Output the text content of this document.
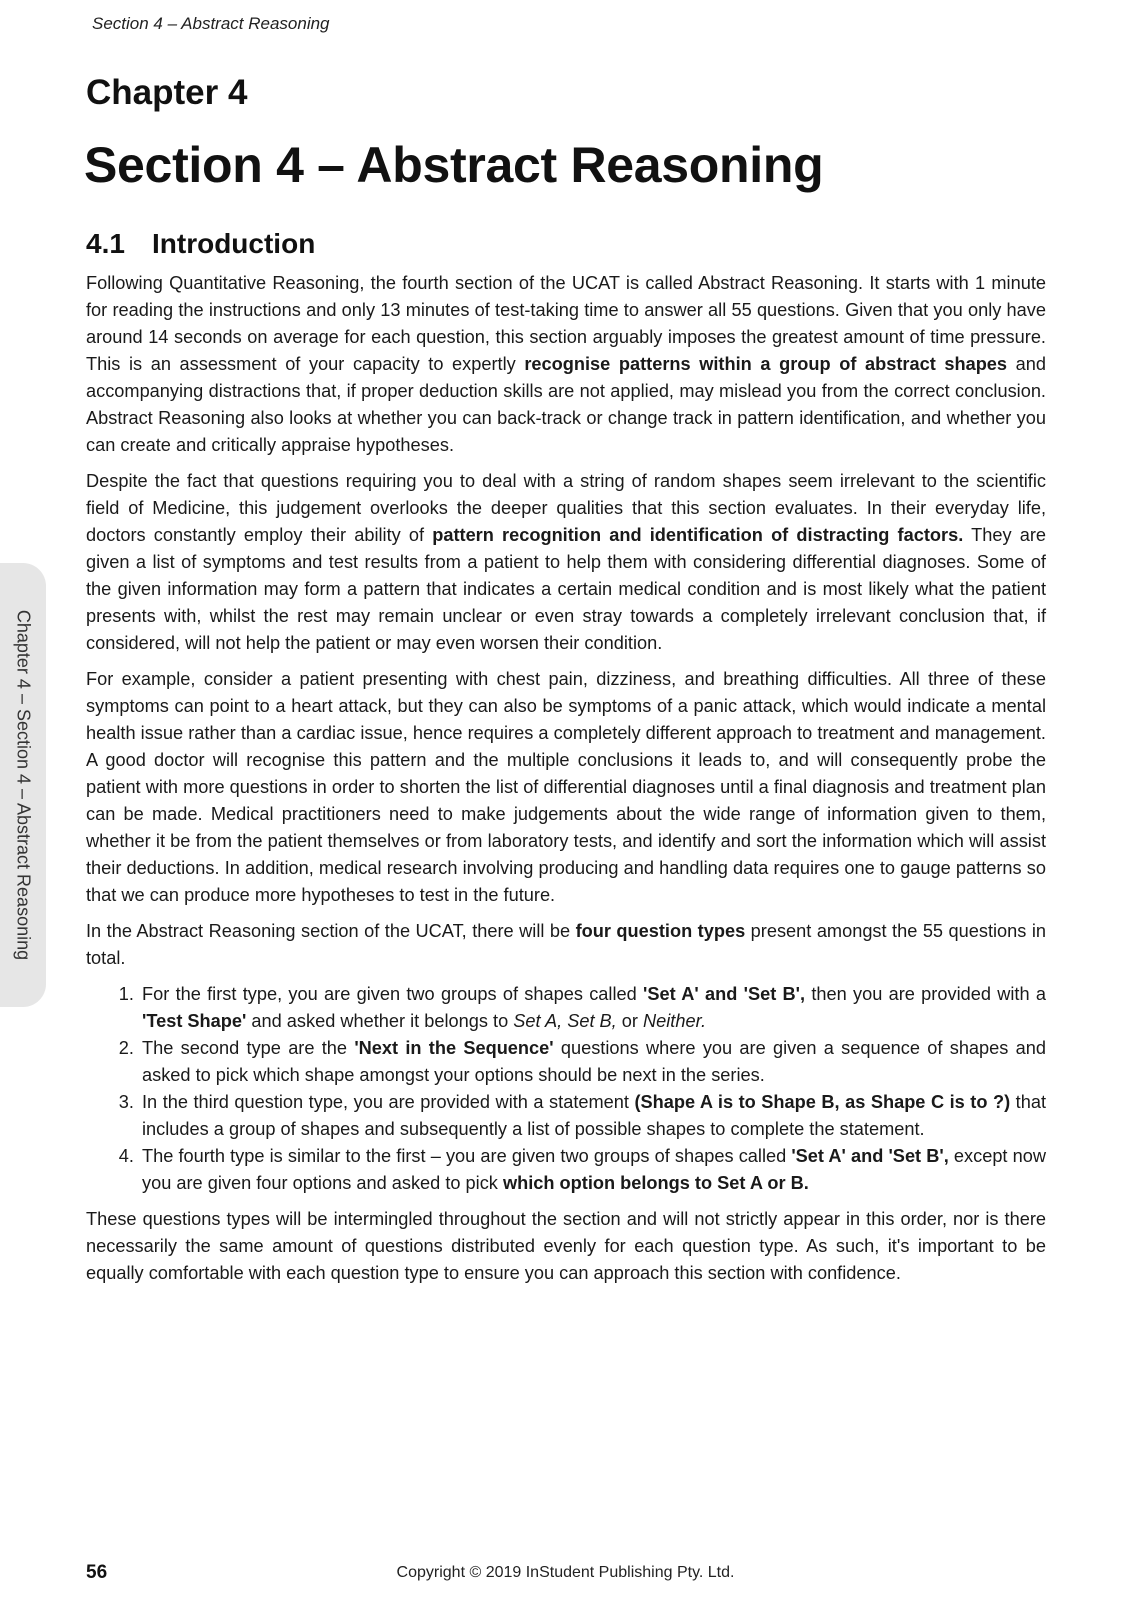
Section 4 – Abstract Reasoning
Chapter 4
Section 4 – Abstract Reasoning
4.1 Introduction

Following Quantitative Reasoning, the fourth section of the UCAT is called Abstract Reasoning. It starts with 1 minute for reading the instructions and only 13 minutes of test-taking time to answer all 55 questions. Given that you only have around 14 seconds on average for each question, this section arguably imposes the greatest amount of time pressure. This is an assessment of your capacity to expertly recognise patterns within a group of abstract shapes and accompanying distractions that, if proper deduction skills are not applied, may mislead you from the correct conclusion. Abstract Reasoning also looks at whether you can back-track or change track in pattern identification, and whether you can create and critically appraise hypotheses.

Despite the fact that questions requiring you to deal with a string of random shapes seem irrelevant to the scientific field of Medicine, this judgement overlooks the deeper qualities that this section evaluates. In their everyday life, doctors constantly employ their ability of pattern recognition and identification of distracting factors. They are given a list of symptoms and test results from a patient to help them with considering differential diagnoses. Some of the given information may form a pattern that indicates a certain medical condition and is most likely what the patient presents with, whilst the rest may remain unclear or even stray towards a completely irrelevant conclusion that, if considered, will not help the patient or may even worsen their condition.

For example, consider a patient presenting with chest pain, dizziness, and breathing difficulties. All three of these symptoms can point to a heart attack, but they can also be symptoms of a panic attack, which would indicate a mental health issue rather than a cardiac issue, hence requires a completely different approach to treatment and management. A good doctor will recognise this pattern and the multiple conclusions it leads to, and will consequently probe the patient with more questions in order to shorten the list of differential diagnoses until a final diagnosis and treatment plan can be made. Medical practitioners need to make judgements about the wide range of information given to them, whether it be from the patient themselves or from laboratory tests, and identify and sort the information which will assist their deductions. In addition, medical research involving producing and handling data requires one to gauge patterns so that we can produce more hypotheses to test in the future.

In the Abstract Reasoning section of the UCAT, there will be four question types present amongst the 55 questions in total.

1. For the first type, you are given two groups of shapes called 'Set A' and 'Set B', then you are provided with a 'Test Shape' and asked whether it belongs to Set A, Set B, or Neither.
2. The second type are the 'Next in the Sequence' questions where you are given a sequence of shapes and asked to pick which shape amongst your options should be next in the series.
3. In the third question type, you are provided with a statement (Shape A is to Shape B, as Shape C is to ?) that includes a group of shapes and subsequently a list of possible shapes to complete the statement.
4. The fourth type is similar to the first – you are given two groups of shapes called 'Set A' and 'Set B', except now you are given four options and asked to pick which option belongs to Set A or B.

These questions types will be intermingled throughout the section and will not strictly appear in this order, nor is there necessarily the same amount of questions distributed evenly for each question type. As such, it's important to be equally comfortable with each question type to ensure you can approach this section with confidence.

Chapter 4 – Section 4 – Abstract Reasoning
56	Copyright © 2019 InStudent Publishing Pty. Ltd.
